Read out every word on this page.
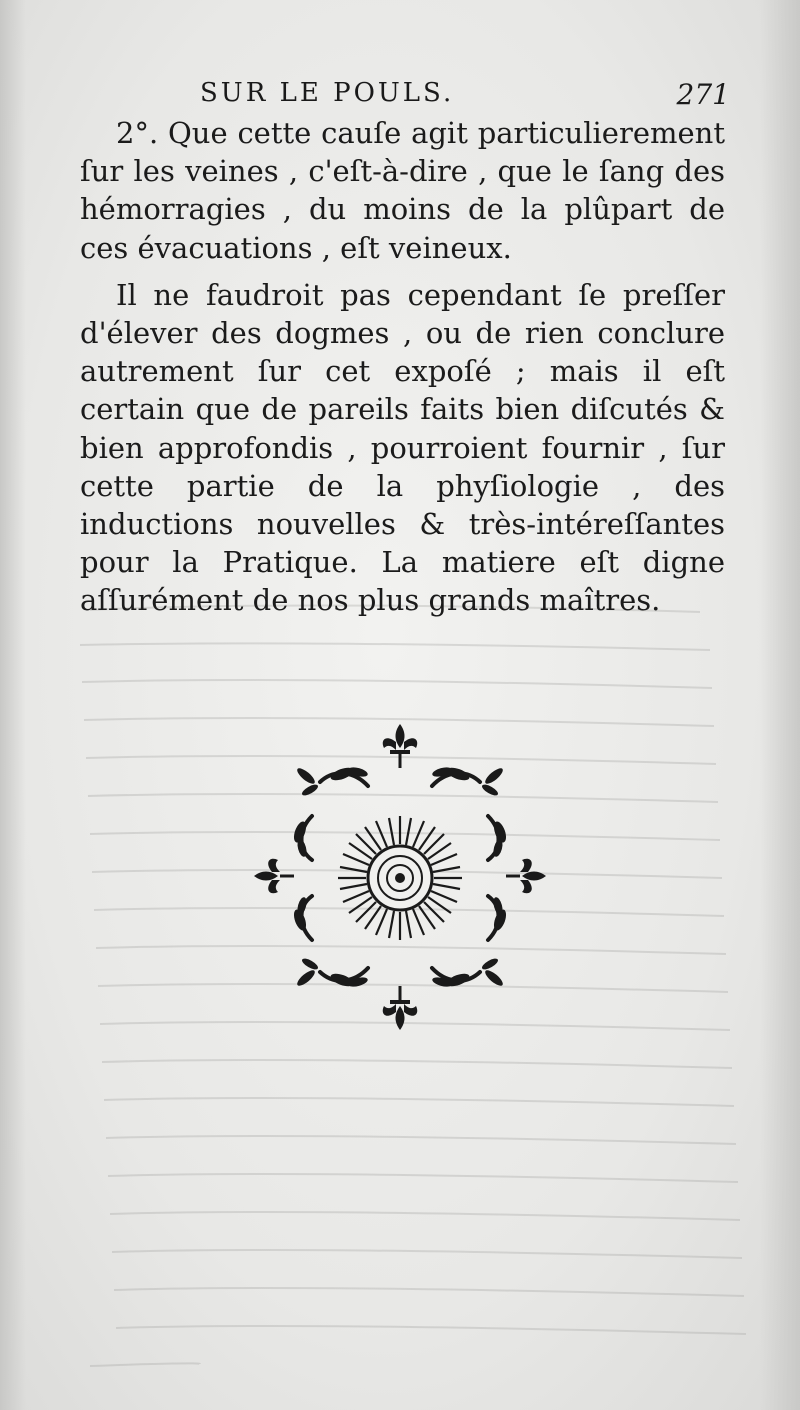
SUR LE POULS.	271

2°. Que cette cauſe agit particulierement ſur les veines , c'eſt-à-dire , que le ſang des hémorragies , du moins de la plûpart de ces évacuations , eſt veineux.

Il ne faudroit pas cependant ſe preſſer d'élever des dogmes , ou de rien conclure autrement ſur cet expoſé ; mais il eſt certain que de pareils faits bien diſcutés & bien approfondis , pourroient fournir , ſur cette partie de la phyſiologie , des inductions nouvelles & très-intéreſſantes pour la Pratique. La matiere eſt digne aſſurément de nos plus grands maîtres.
